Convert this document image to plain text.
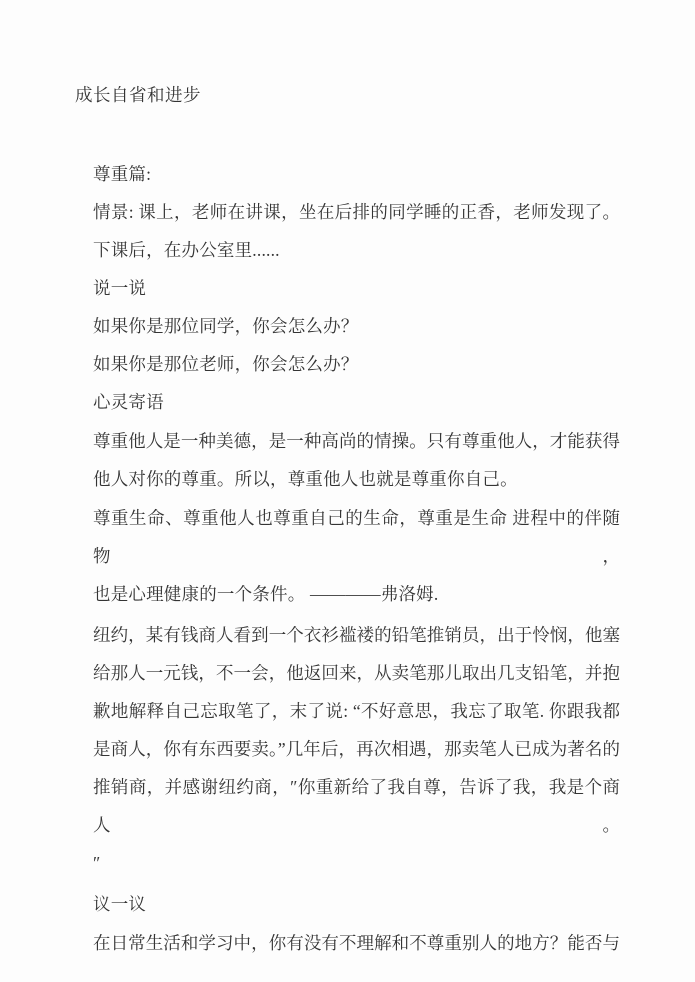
成长自省和进步
尊重篇:
情景: 课上，老师在讲课，坐在后排的同学睡的正香，老师发现了。
下课后，在办公室里......
说一说
如果你是那位同学，你会怎么办？
如果你是那位老师，你会怎么办？
心灵寄语
尊重他人是一种美德，是一种高尚的情操。只有尊重他人，才能获得
他人对你的尊重。所以，尊重他人也就是尊重你自己。
尊重生命、尊重他人也尊重自己的生命，尊重是生命 进程中的伴随物，
也是心理健康的一个条件。 ————弗洛姆.
纽约，某有钱商人看到一个衣衫褴褛的铅笔推销员，出于怜悯，他塞
给那人一元钱，不一会，他返回来，从卖笔那儿取出几支铅笔，并抱
歉地解释自己忘取笔了，末了说: “不好意思，我忘了取笔. 你跟我都
是商人，你有东西要卖。”几年后，再次相遇，那卖笔人已成为著名的
推销商，并感谢纽约商，″你重新给了我自尊，告诉了我，我是个商人。
″
议一议
在日常生活和学习中，你有没有不理解和不尊重别人的地方？能否与
